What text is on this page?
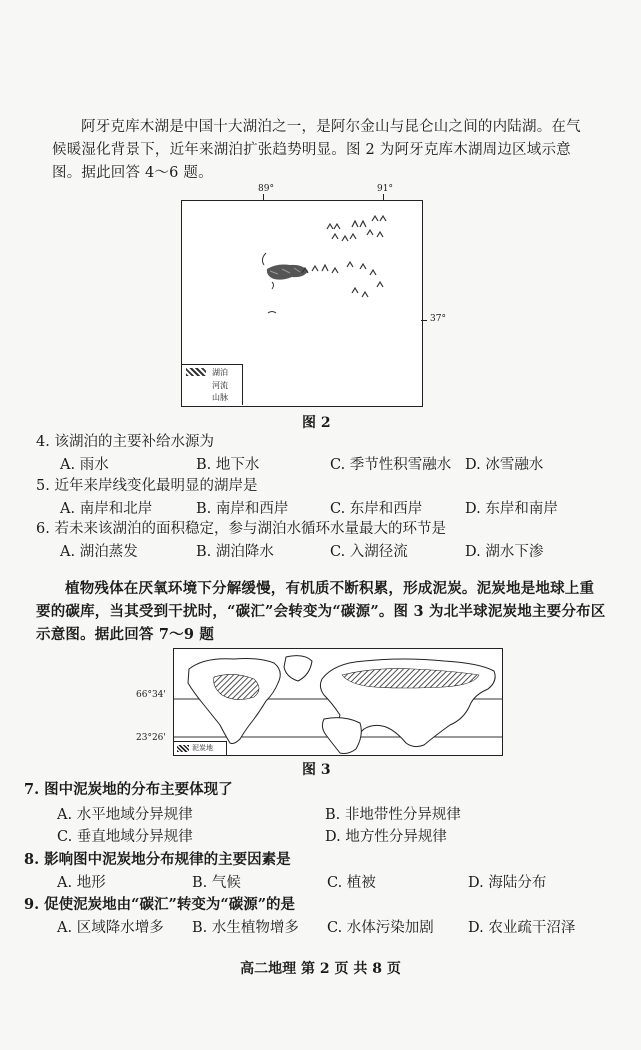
阿牙克库木湖是中国十大湖泊之一，是阿尔金山与昆仑山之间的内陆湖。在气候暖湿化背景下，近年来湖泊扩张趋势明显。图 2 为阿牙克库木湖周边区域示意图。据此回答 4～6 题。
湖泊
河流
山脉
89°	91°
37°
图 2
4. 该湖泊的主要补给水源为
A. 雨水	B. 地下水	C. 季节性积雪融水 D. 冰雪融水
5. 近年来岸线变化最明显的湖岸是
A. 南岸和北岸	B. 南岸和西岸	C. 东岸和西岸	D. 东岸和南岸
6. 若未来该湖泊的面积稳定，参与湖泊水循环水量最大的环节是
A. 湖泊蒸发	B. 湖泊降水	C. 入湖径流	D. 湖水下渗
植物残体在厌氧环境下分解缓慢，有机质不断积累，形成泥炭。泥炭地是地球上重要的碳库，当其受到干扰时，“碳汇”会转变为“碳源”。图 3 为北半球泥炭地主要分布区示意图。据此回答 7～9 题
泥炭地
66°34'
23°26'
图 3
7. 图中泥炭地的分布主要体现了
A. 水平地域分异规律	B. 非地带性分异规律
C. 垂直地域分异规律	D. 地方性分异规律
8. 影响图中泥炭地分布规律的主要因素是
A. 地形	B. 气候	C. 植被	D. 海陆分布
9. 促使泥炭地由“碳汇”转变为“碳源”的是
A. 区域降水增多 B. 水生植物增多 C. 水体污染加剧 D. 农业疏干沼泽
高二地理 第 2 页 共 8 页
